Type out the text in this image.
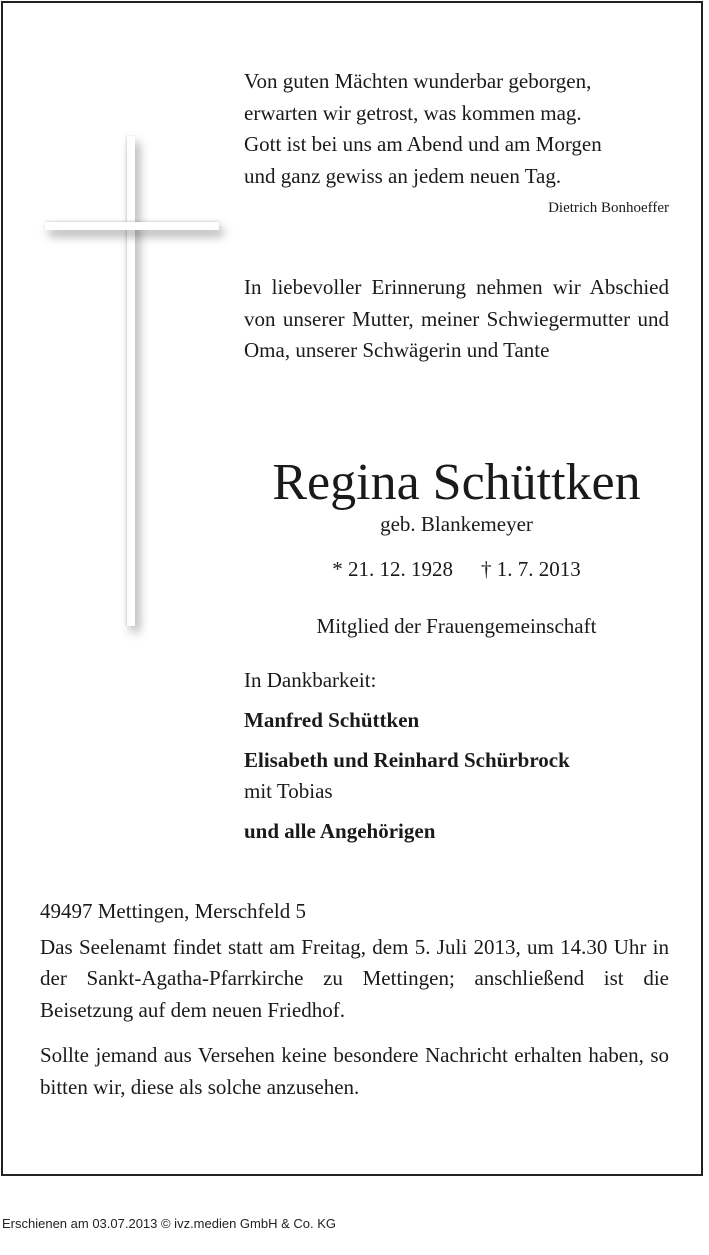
Von guten Mächten wunderbar geborgen,
erwarten wir getrost, was kommen mag.
Gott ist bei uns am Abend und am Morgen
und ganz gewiss an jedem neuen Tag.
Dietrich Bonhoeffer
In liebevoller Erinnerung nehmen wir Abschied von unserer Mutter, meiner Schwiegermutter und Oma, unserer Schwägerin und Tante
Regina Schüttken
geb. Blankemeyer
* 21. 12. 1928 † 1. 7. 2013
Mitglied der Frauengemeinschaft
In Dankbarkeit:
Manfred Schüttken
Elisabeth und Reinhard Schürbrock
mit Tobias
und alle Angehörigen

49497 Mettingen, Merschfeld 5

Das Seelenamt findet statt am Freitag, dem 5. Juli 2013, um 14.30 Uhr in der Sankt-Agatha-Pfarrkirche zu Mettingen; anschließend ist die Beisetzung auf dem neuen Friedhof.

Sollte jemand aus Versehen keine besondere Nachricht erhalten haben, so bitten wir, diese als solche anzusehen.

Erschienen am 03.07.2013 © ivz.medien GmbH & Co. KG
